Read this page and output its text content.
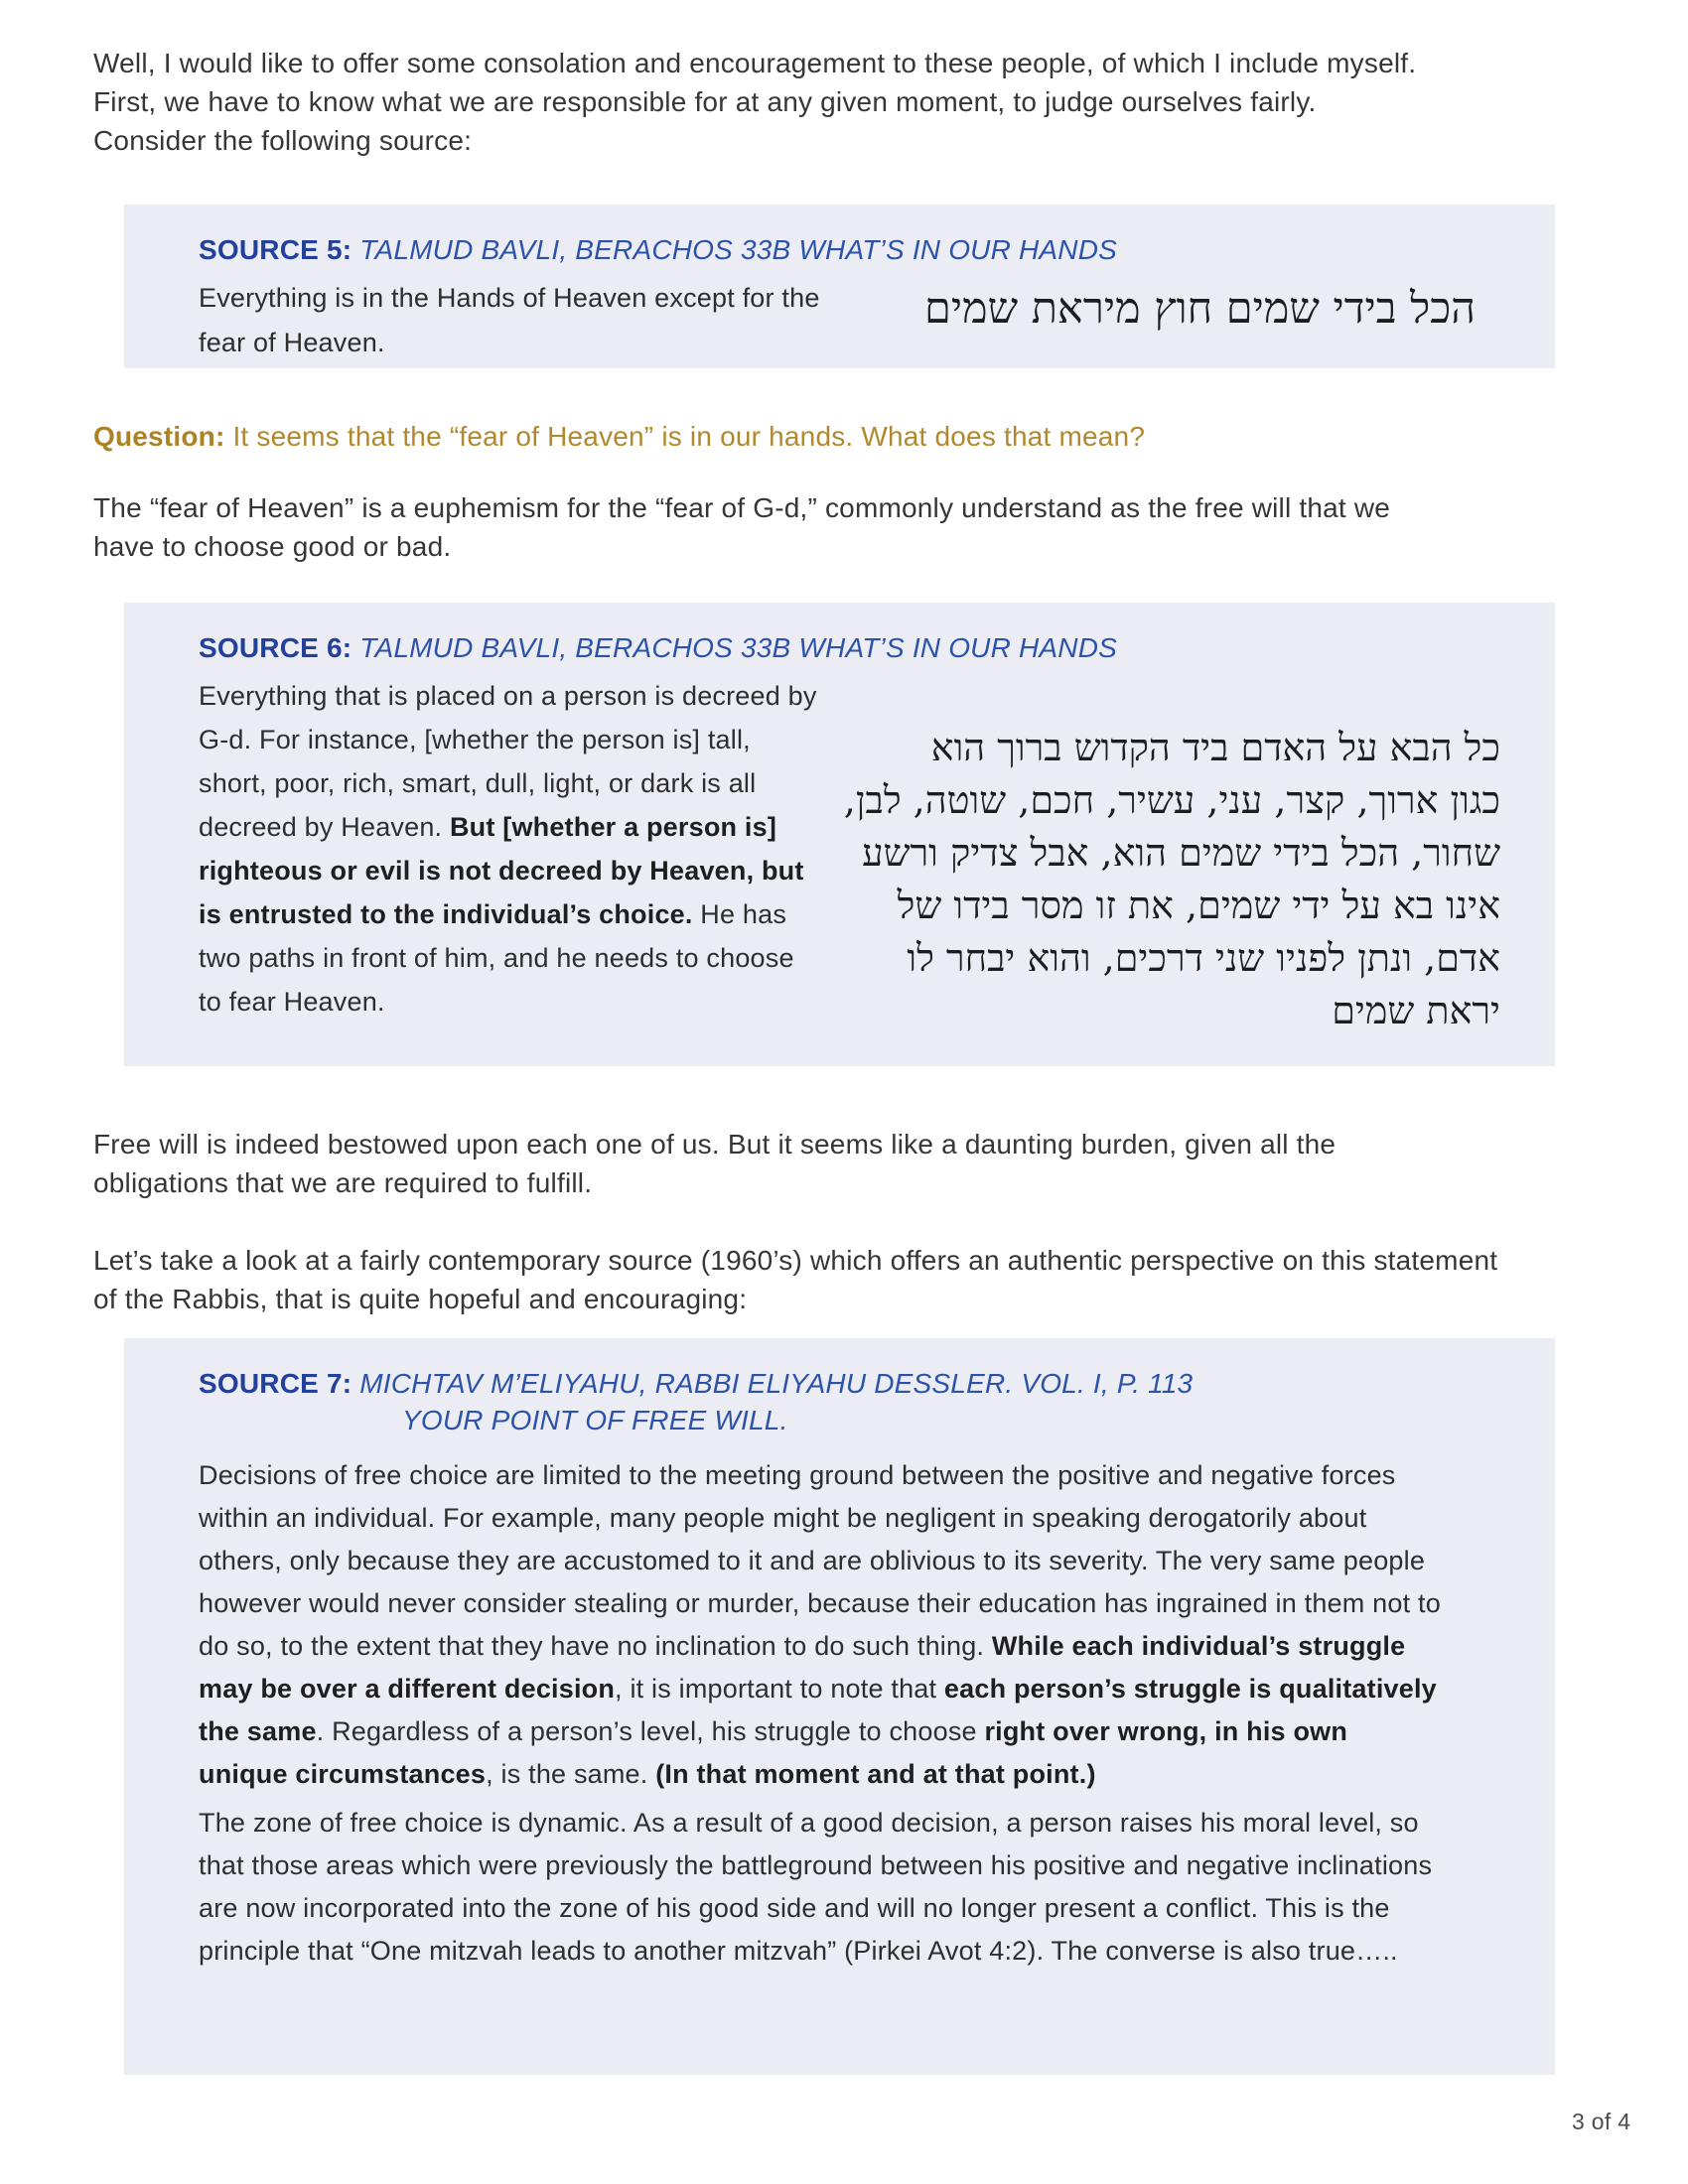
Well, I would like to offer some consolation and encouragement to these people, of which I include myself. First, we have to know what we are responsible for at any given moment, to judge ourselves fairly. Consider the following source:

SOURCE 5: TALMUD BAVLI, BERACHOS 33B WHAT’S IN OUR HANDS
Everything is in the Hands of Heaven except for the fear of Heaven.
הכל בידי שמים חוץ מיראת שמים

Question: It seems that the “fear of Heaven” is in our hands. What does that mean?

The “fear of Heaven” is a euphemism for the “fear of G-d,” commonly understand as the free will that we have to choose good or bad.

SOURCE 6: TALMUD BAVLI, BERACHOS 33B WHAT’S IN OUR HANDS
Everything that is placed on a person is decreed by G-d. For instance, [whether the person is] tall, short, poor, rich, smart, dull, light, or dark is all decreed by Heaven. But [whether a person is] righteous or evil is not decreed by Heaven, but is entrusted to the individual’s choice. He has two paths in front of him, and he needs to choose to fear Heaven.
כל הבא על האדם ביד הקדוש ברוך הוא
כגון ארוך, קצר, עני, עשיר, חכם, שוטה, לבן,
שחור, הכל בידי שמים הוא, אבל צדיק ורשע
אינו בא על ידי שמים, את זו מסר בידו של
אדם, ונתן לפניו שני דרכים, והוא יבחר לו
יראת שמים

Free will is indeed bestowed upon each one of us. But it seems like a daunting burden, given all the obligations that we are required to fulfill.

Let’s take a look at a fairly contemporary source (1960’s) which offers an authentic perspective on this statement of the Rabbis, that is quite hopeful and encouraging:

SOURCE 7: MICHTAV M’ELIYAHU, RABBI ELIYAHU DESSLER. VOL. I, P. 113
YOUR POINT OF FREE WILL.
Decisions of free choice are limited to the meeting ground between the positive and negative forces within an individual. For example, many people might be negligent in speaking derogatorily about others, only because they are accustomed to it and are oblivious to its severity. The very same people however would never consider stealing or murder, because their education has ingrained in them not to do so, to the extent that they have no inclination to do such thing. While each individual’s struggle may be over a different decision, it is important to note that each person’s struggle is qualitatively the same. Regardless of a person’s level, his struggle to choose right over wrong, in his own unique circumstances, is the same. (In that moment and at that point.)
The zone of free choice is dynamic. As a result of a good decision, a person raises his moral level, so that those areas which were previously the battleground between his positive and negative inclinations are now incorporated into the zone of his good side and will no longer present a conflict. This is the principle that “One mitzvah leads to another mitzvah” (Pirkei Avot 4:2). The converse is also true…..
3 of 4
